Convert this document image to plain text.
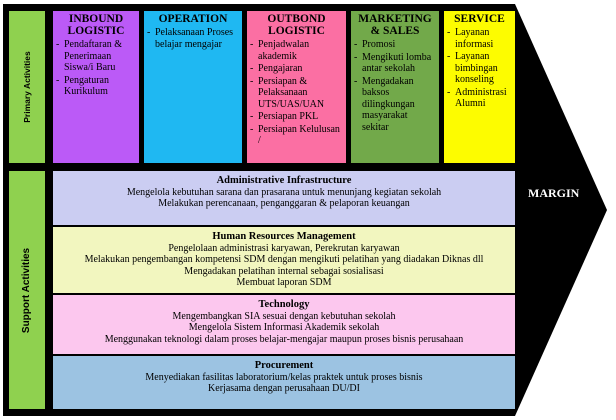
Primary Activities
Support Activities
INBOUND LOGISTIC
- Pendaftaran & Penerimaan Siswa/i Baru
- Pengaturan Kurikulum
OPERATION
- Pelaksanaan Proses belajar mengajar
OUTBOND LOGISTIC
- Penjadwalan akademik
- Pengajaran
- Persiapan & Pelaksanaan UTS/UAS/UAN
- Persiapan PKL
- Persiapan Kelulusan /
MARKETING & SALES
- Promosi
- Mengikuti lomba antar sekolah
- Mengadakan baksos dilingkungan masyarakat sekitar
SERVICE
- Layanan informasi
- Layanan bimbingan konseling
- Administrasi Alumni
Administrative Infrastructure

Mengelola kebutuhan sarana dan prasarana untuk menunjang kegiatan sekolah

Melakukan perencanaan, penganggaran & pelaporan keuangan

Human Resources Management

Pengelolaan administrasi karyawan, Perekrutan karyawan

Melakukan pengembangan kompetensi SDM dengan mengikuti pelatihan yang diadakan Diknas dll

Mengadakan pelatihan internal sebagai sosialisasi

Membuat laporan SDM

Technology

Mengembangkan SIA sesuai dengan kebutuhan sekolah

Mengelola Sistem Informasi Akademik sekolah

Menggunakan teknologi dalam proses belajar-mengajar maupun proses bisnis perusahaan

Procurement

Menyediakan fasilitas laboratorium/kelas praktek untuk proses bisnis

Kerjasama dengan perusahaan DU/DI

MARGIN
